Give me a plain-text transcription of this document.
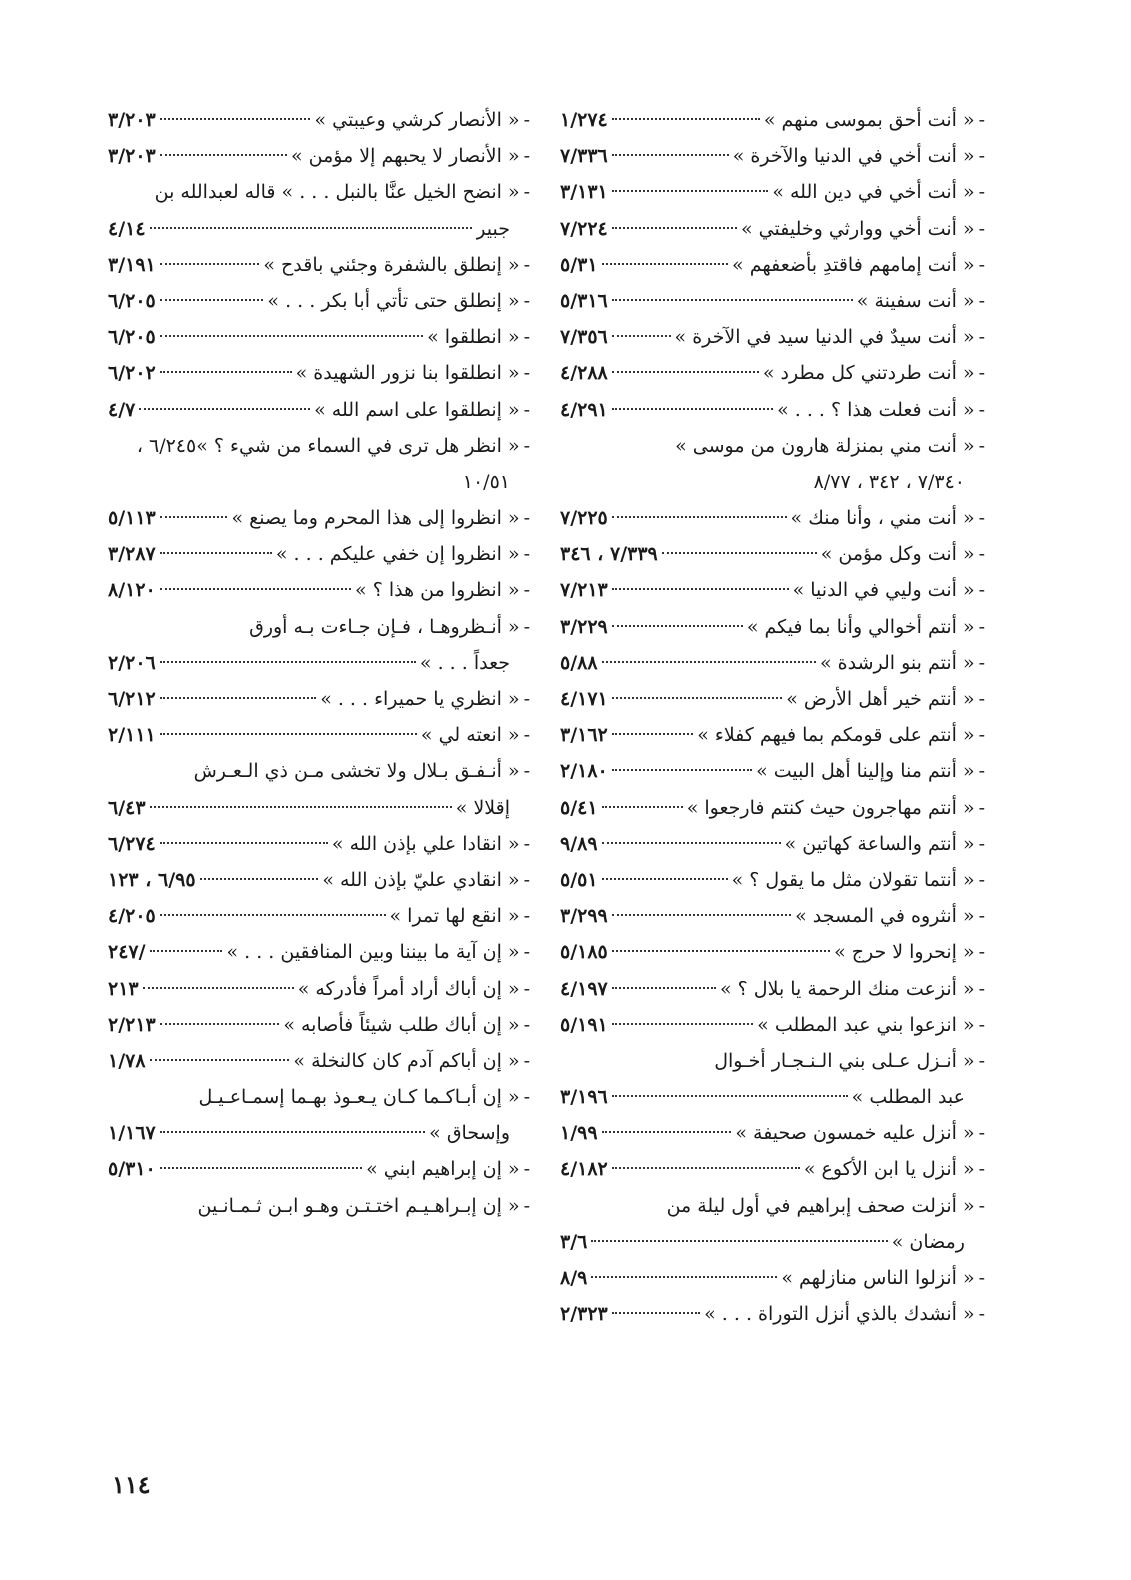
-
« أنت أحق بموسى منهم »
١/٢٧٤
-
« أنت أخي في الدنيا والآخرة »
٧/٣٣٦
-
« أنت أخي في دين الله »
٣/١٣١
-
« أنت أخي ووارثي وخليفتي »
٧/٢٢٤
-
« أنت إمامهم فاقتدِ بأضعفهم »
٥/٣١
-
« أنت سفينة »
٥/٣١٦
-
« أنت سيدٌ في الدنيا سيد في الآخرة »
٧/٣٥٦
-
« أنت طردتني كل مطرد »
٤/٢٨٨
-
« أنت فعلت هذا ؟ . . . »
٤/٢٩١
-
« أنت مني بمنزلة هارون من موسى »
٧/٣٤٠ ، ٣٤٢ ، ٨/٧٧
-
« أنت مني ، وأنا منك »
٧/٢٢٥
-
« أنت وكل مؤمن »
٧/٣٣٩ ، ٣٤٦
-
« أنت وليي في الدنيا »
٧/٢١٣
-
« أنتم أخوالي وأنا بما فيكم »
٣/٢٢٩
-
« أنتم بنو الرشدة »
٥/٨٨
-
« أنتم خير أهل الأرض »
٤/١٧١
-
« أنتم على قومكم بما فيهم كفلاء »
٣/١٦٢
-
« أنتم منا وإلينا أهل البيت »
٢/١٨٠
-
« أنتم مهاجرون حيث كنتم فارجعوا »
٥/٤١
-
« أنتم والساعة كهاتين »
٩/٨٩
-
« أنتما تقولان مثل ما يقول ؟ »
٥/٥١
-
« أنثروه في المسجد »
٣/٢٩٩
-
« إنحروا لا حرج »
٥/١٨٥
-
« أنزعت منك الرحمة يا بلال ؟ »
٤/١٩٧
-
« انزعوا بني عبد المطلب »
٥/١٩١
-
« أنـزل عـلى بني الـنـجـار أخـوال
عبد المطلب »
٣/١٩٦
-
« أنزل عليه خمسون صحيفة »
١/٩٩
-
« أنزل يا ابن الأكوع »
٤/١٨٢
-
« أنزلت صحف إبراهيم في أول ليلة من
رمضان »
٣/٦
-
« أنزلوا الناس منازلهم »
٨/٩
-
« أنشدك بالذي أنزل التوراة . . . »
٢/٣٢٣
-
« الأنصار كرشي وعيبتي »
٣/٢٠٣
-
« الأنصار لا يحبهم إلا مؤمن »
٣/٢٠٣
-
« انضح الخيل عنَّا بالنبل . . . » قاله لعبدالله بن
جبير
٤/١٤
-
« إنطلق بالشفرة وجئني باقدح »
٣/١٩١
-
« إنطلق حتى تأتي أبا بكر . . . »
٦/٢٠٥
-
« انطلقوا »
٦/٢٠٥
-
« انطلقوا بنا نزور الشهيدة »
٦/٢٠٢
-
« إنطلقوا على اسم الله »
٤/٧
-
« انظر هل ترى في السماء من شيء ؟ »٦/٢٤٥ ،
١٠/٥١
-
« انظروا إلى هذا المحرم وما يصنع »
٥/١١٣
-
« انظروا إن خفي عليكم . . . »
٣/٢٨٧
-
« انظروا من هذا ؟ »
٨/١٢٠
-
« أنـظروهـا ، فـإن جـاءت بـه أورق
جعداً . . . »
٢/٢٠٦
-
« انظري يا حميراء . . . »
٦/٢١٢
-
« انعته لي »
٢/١١١
-
« أنـفـق بـلال ولا تخشى مـن ذي الـعـرش
إقلالا »
٦/٤٣
-
« انقادا علي بإذن الله »
٦/٢٧٤
-
« انقادي عليّ بإذن الله »
٦/٩٥ ، ١٢٣
-
« انقع لها تمرا »
٤/٢٠٥
-
« إن آية ما بيننا وبين المنافقين . . . »
/٢٤٧
-
« إن أباك أراد أمراً فأدركه »
٢١٣
-
« إن أباك طلب شيئاً فأصابه »
٢/٢١٣
-
« إن أباكم آدم كان كالنخلة »
١/٧٨
-
« إن أبـاكـما كـان يـعـوذ بهـما إسمـاعـيـل
وإسحاق »
١/١٦٧
-
« إن إبراهيم ابني »
٥/٣١٠
-
« إن إبـراهـيـم اختـتـن وهـو ابـن ثـمـانـين
١١٤
